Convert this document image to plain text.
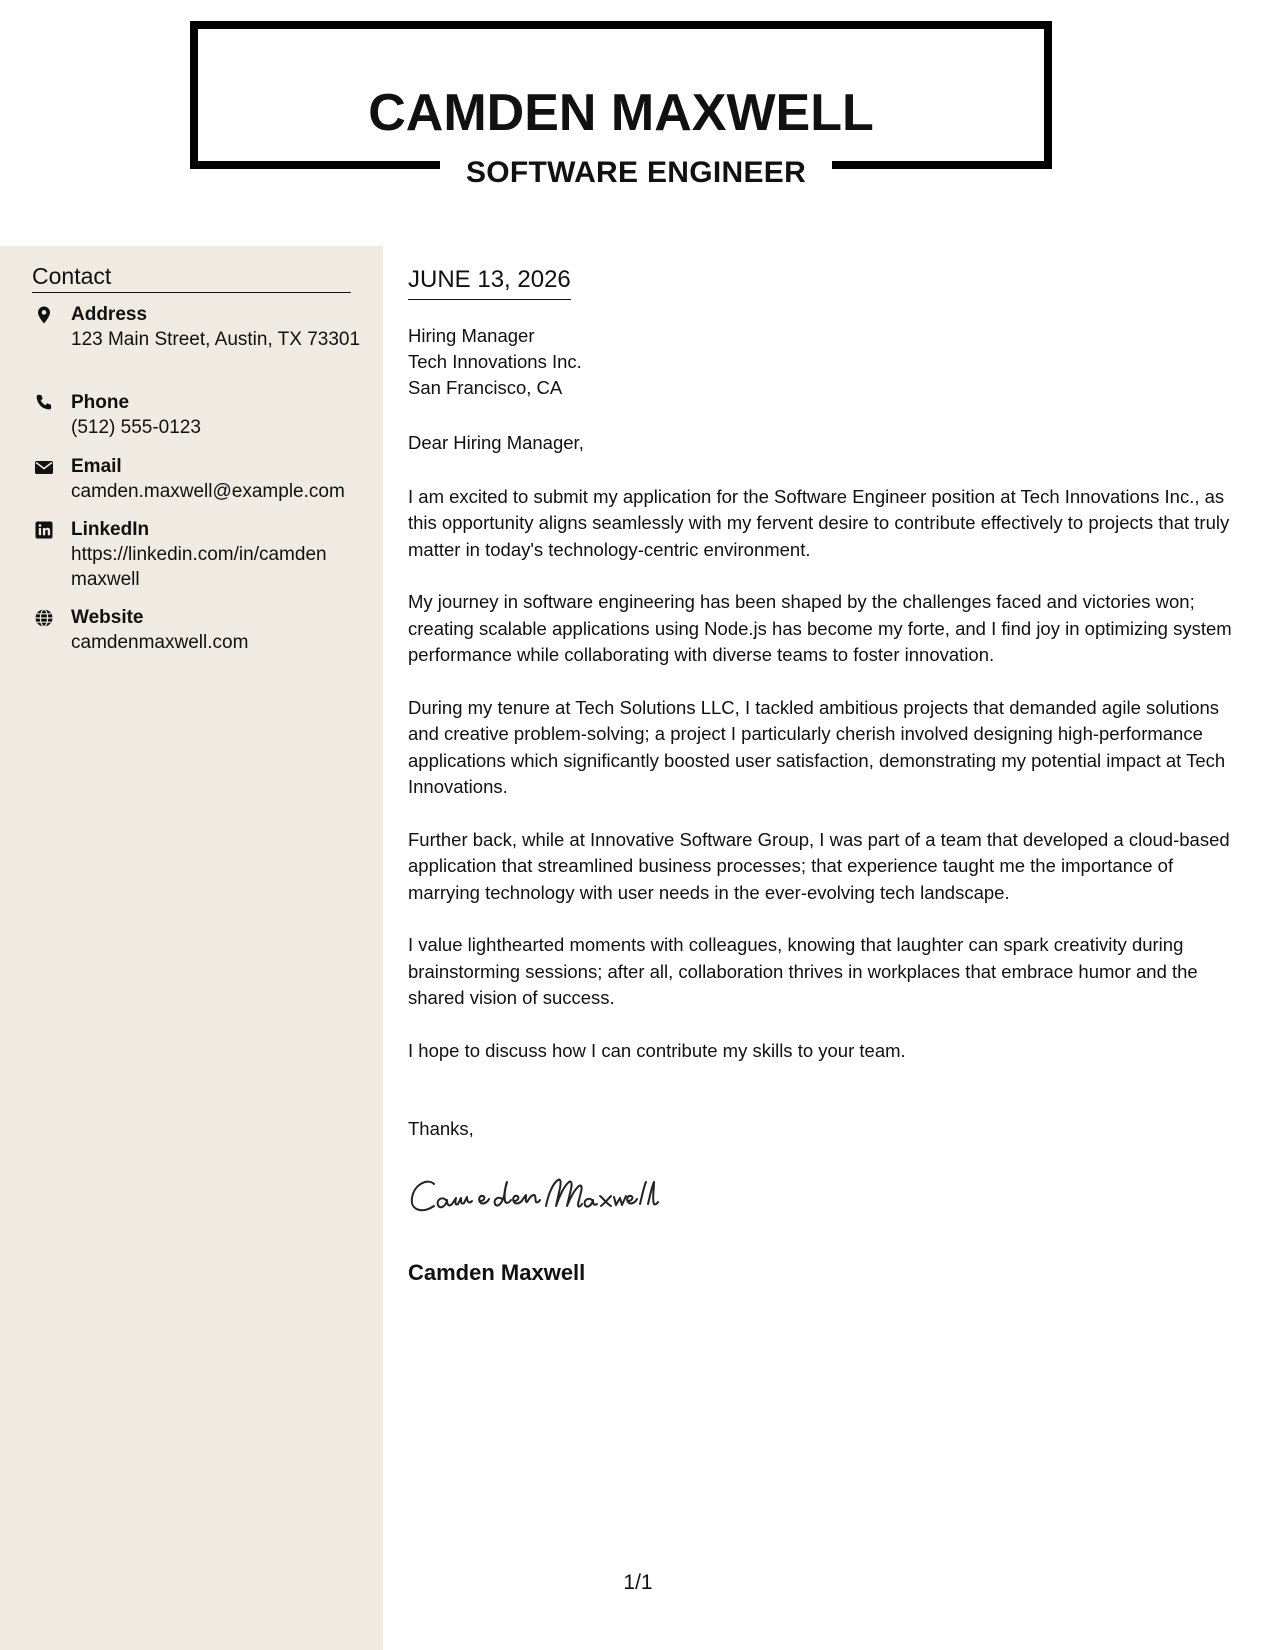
CAMDEN MAXWELL
SOFTWARE ENGINEER
Contact
Address
123 Main Street, Austin, TX 73301
Phone
(512) 555-0123
Email
camden.maxwell@example.com
LinkedIn
https://linkedin.com/in/camdenmaxwell
Website
camdenmaxwell.com
JUNE 13, 2026
Hiring Manager
Tech Innovations Inc.
San Francisco, CA

Dear Hiring Manager,

I am excited to submit my application for the Software Engineer position at Tech Innovations Inc., as this opportunity aligns seamlessly with my fervent desire to contribute effectively to projects that truly matter in today's technology-centric environment.

My journey in software engineering has been shaped by the challenges faced and victories won; creating scalable applications using Node.js has become my forte, and I find joy in optimizing system performance while collaborating with diverse teams to foster innovation.

During my tenure at Tech Solutions LLC, I tackled ambitious projects that demanded agile solutions and creative problem-solving; a project I particularly cherish involved designing high-performance applications which significantly boosted user satisfaction, demonstrating my potential impact at Tech Innovations.

Further back, while at Innovative Software Group, I was part of a team that developed a cloud-based application that streamlined business processes; that experience taught me the importance of marrying technology with user needs in the ever-evolving tech landscape.

I value lighthearted moments with colleagues, knowing that laughter can spark creativity during brainstorming sessions; after all, collaboration thrives in workplaces that embrace humor and the shared vision of success.

I hope to discuss how I can contribute my skills to your team.

Thanks,
Camden Maxwell
1/1
